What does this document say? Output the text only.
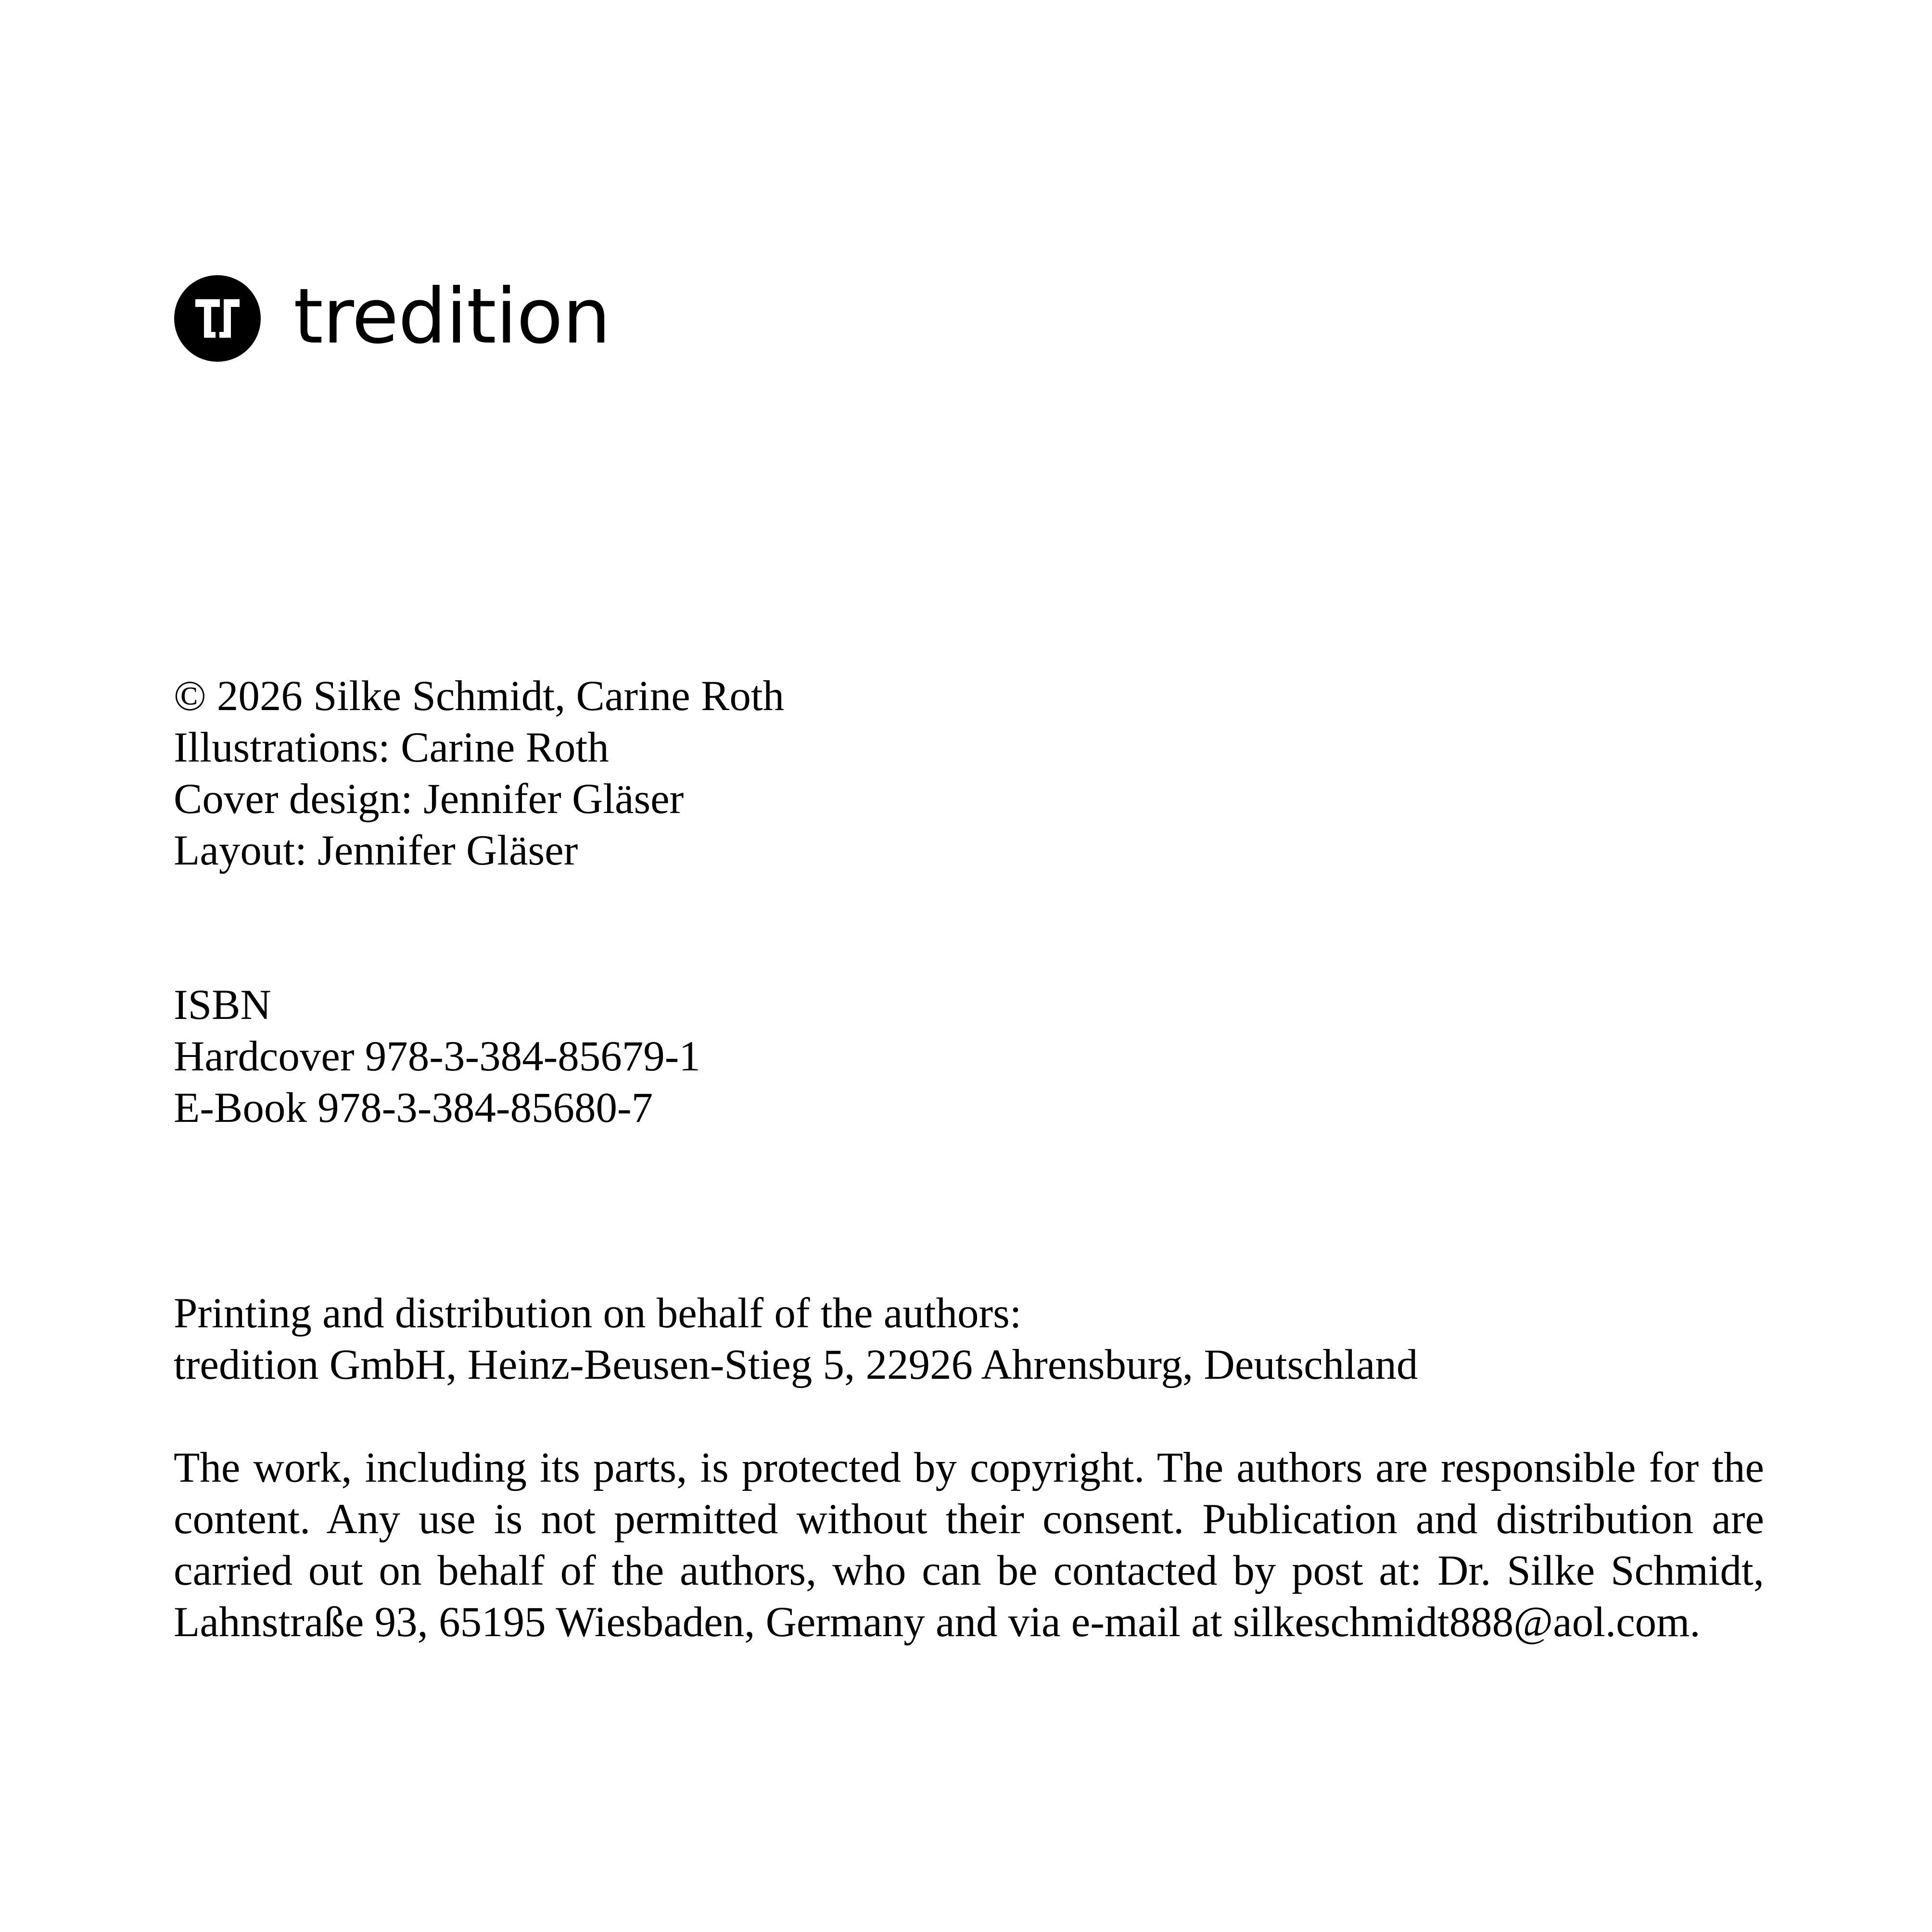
tredition
© 2026 Silke Schmidt, Carine Roth
Illustrations: Carine Roth
Cover design: Jennifer Gläser
Layout: Jennifer Gläser
ISBN
Hardcover 978-3-384-85679-1
E-Book 978-3-384-85680-7
Printing and distribution on behalf of the authors:
tredition GmbH, Heinz-Beusen-Stieg 5, 22926 Ahrensburg, Deutschland
The work, including its parts, is protected by copyright. The authors are responsible for the content. Any use is not permitted without their consent. Publication and distribution are carried out on behalf of the authors, who can be contacted by post at: Dr. Silke Schmidt, Lahnstraße 93, 65195 Wiesbaden, Germany and via e-mail at silkeschmidt888@aol.com.
